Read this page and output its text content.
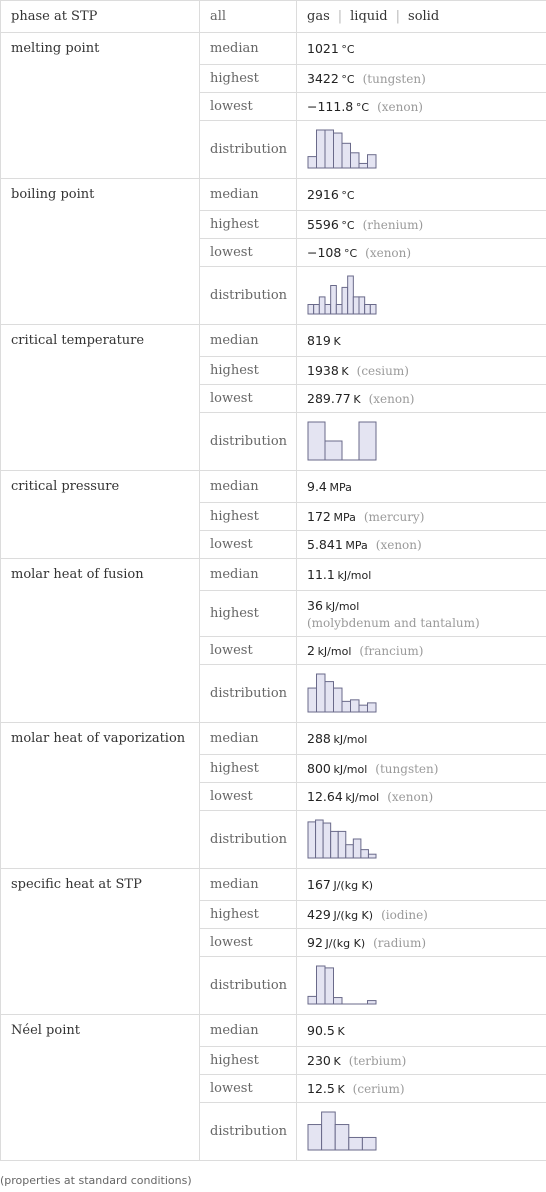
phase at STP	all	gas | liquid | solid
melting point	median	1021  °C
	highest	3422  °C (tungsten)
	lowest	−111.8  °C (xenon)
	distribution	

boiling point	median	2916  °C
	highest	5596  °C (rhenium)
	lowest	−108  °C (xenon)
	distribution	

critical temperature	median	819  K
	highest	1938  K (cesium)
	lowest	289.77  K (xenon)
	distribution	

critical pressure	median	9.4  MPa
	highest	172  MPa (mercury)
	lowest	5.841  MPa (xenon)
molar heat of fusion	median	11.1  kJ/mol
	highest	36  kJ/mol
(molybdenum and tantalum)

	lowest	2  kJ/mol (francium)
	distribution	

molar heat of vaporization	median	288  kJ/mol
	highest	800  kJ/mol (tungsten)
	lowest	12.64  kJ/mol (xenon)
	distribution	

specific heat at STP	median	167  J/(kg K)
	highest	429  J/(kg K) (iodine)
	lowest	92  J/(kg K) (radium)
	distribution	

Néel point	median	90.5  K
	highest	230  K (terbium)
	lowest	12.5  K (cerium)
	distribution	
(properties at standard conditions)
